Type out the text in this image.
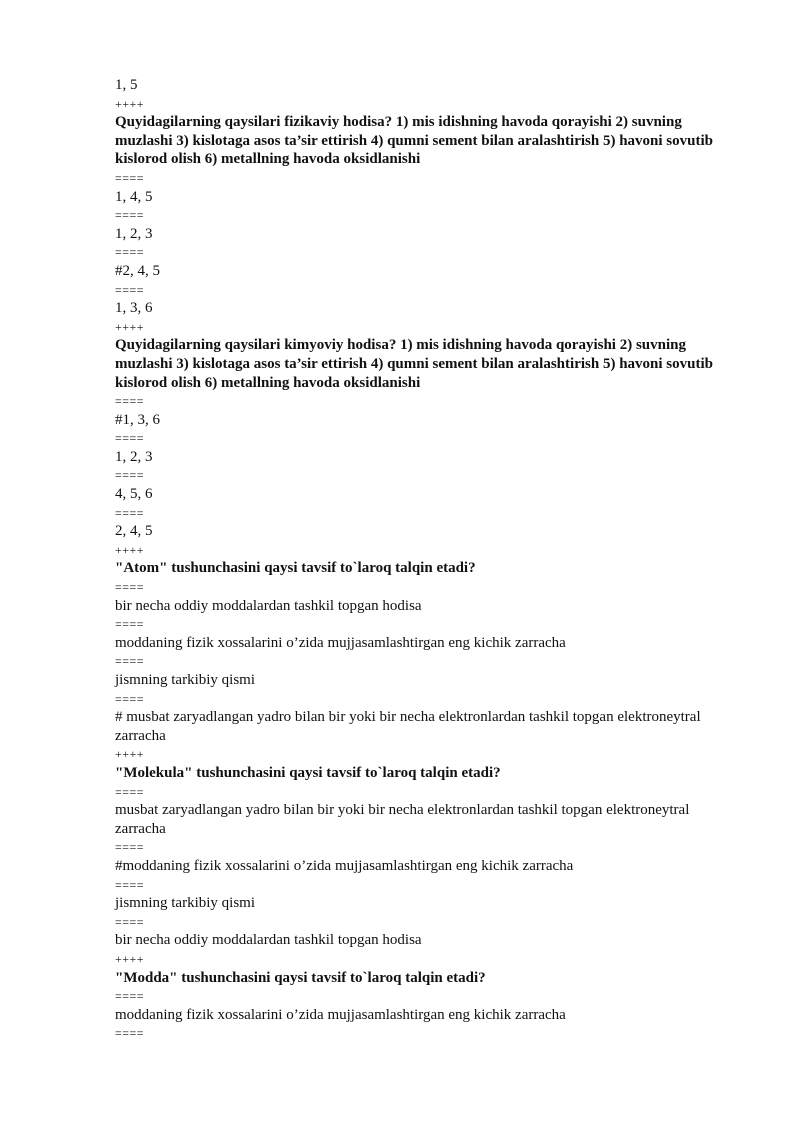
1, 5
++++
Quyidagilarning qaysilari fizikaviy hodisa? 1) mis idishning havoda qorayishi 2) suvning muzlashi 3) kislotaga asos ta’sir ettirish 4) qumni sement bilan aralashtirish 5) havoni sovutib kislorod olish 6) metallning havoda oksidlanishi
====
1, 4, 5
====
1, 2, 3
====
#2, 4, 5
====
1, 3, 6
++++
Quyidagilarning qaysilari kimyoviy hodisa? 1) mis idishning havoda qorayishi 2) suvning muzlashi 3) kislotaga asos ta’sir ettirish 4) qumni sement bilan aralashtirish 5) havoni sovutib kislorod olish 6) metallning havoda oksidlanishi
====
#1, 3, 6
====
1, 2, 3
====
4, 5, 6
====
2, 4, 5
++++
"Atom" tushunchasini qaysi tavsif to`laroq talqin etadi?
====
bir necha oddiy moddalardan tashkil topgan hodisa
====
moddaning fizik xossalarini o’zida mujjasamlashtirgan eng kichik zarracha
====
jismning tarkibiy qismi
====
# musbat zaryadlangan yadro bilan bir yoki bir necha elektronlardan tashkil topgan elektroneytral zarracha
++++
"Molekula" tushunchasini qaysi tavsif to`laroq talqin etadi?
====
musbat zaryadlangan yadro bilan bir yoki bir necha elektronlardan tashkil topgan elektroneytral zarracha
====
#moddaning fizik xossalarini o’zida mujjasamlashtirgan eng kichik zarracha
====
jismning tarkibiy qismi
====
bir necha oddiy moddalardan tashkil topgan hodisa
++++
"Modda" tushunchasini qaysi tavsif to`laroq talqin etadi?
====
moddaning fizik xossalarini o’zida mujjasamlashtirgan eng kichik zarracha
====
